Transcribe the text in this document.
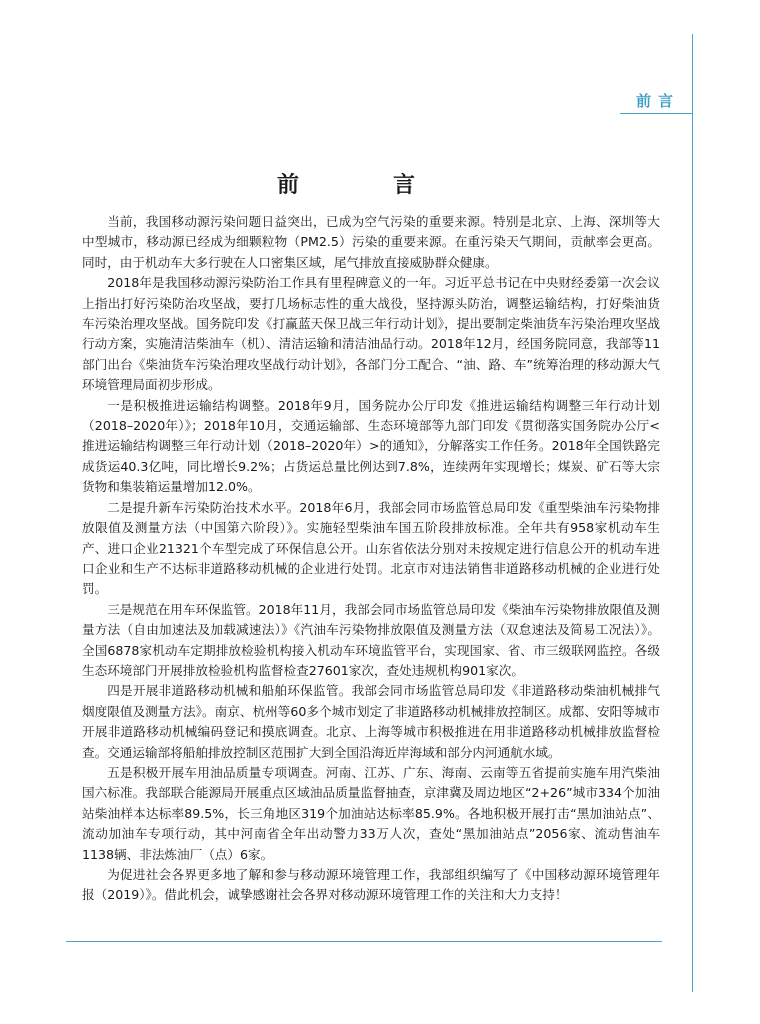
前言
前　言

当前，我国移动源污染问题日益突出，已成为空气污染的重要来源。特别是北京、上海、深圳等大中型城市，移动源已经成为细颗粒物（PM2.5）污染的重要来源。在重污染天气期间，贡献率会更高。同时，由于机动车大多行驶在人口密集区域，尾气排放直接威胁群众健康。

2018年是我国移动源污染防治工作具有里程碑意义的一年。习近平总书记在中央财经委第一次会议上指出打好污染防治攻坚战，要打几场标志性的重大战役，坚持源头防治，调整运输结构，打好柴油货车污染治理攻坚战。国务院印发《打赢蓝天保卫战三年行动计划》，提出要制定柴油货车污染治理攻坚战行动方案，实施清洁柴油车（机）、清洁运输和清洁油品行动。2018年12月，经国务院同意，我部等11部门出台《柴油货车污染治理攻坚战行动计划》，各部门分工配合、“油、路、车”统筹治理的移动源大气环境管理局面初步形成。

一是积极推进运输结构调整。2018年9月，国务院办公厅印发《推进运输结构调整三年行动计划（2018–2020年）》；2018年10月，交通运输部、生态环境部等九部门印发《贯彻落实国务院办公厅<推进运输结构调整三年行动计划（2018–2020年）>的通知》，分解落实工作任务。2018年全国铁路完成货运40.3亿吨，同比增长9.2%；占货运总量比例达到7.8%，连续两年实现增长；煤炭、矿石等大宗货物和集装箱运量增加12.0%。

二是提升新车污染防治技术水平。2018年6月，我部会同市场监管总局印发《重型柴油车污染物排放限值及测量方法（中国第六阶段）》。实施轻型柴油车国五阶段排放标准。全年共有958家机动车生产、进口企业21321个车型完成了环保信息公开。山东省依法分别对未按规定进行信息公开的机动车进口企业和生产不达标非道路移动机械的企业进行处罚。北京市对违法销售非道路移动机械的企业进行处罚。

三是规范在用车环保监管。2018年11月，我部会同市场监管总局印发《柴油车污染物排放限值及测量方法（自由加速法及加载减速法）》《汽油车污染物排放限值及测量方法（双怠速法及简易工况法）》。全国6878家机动车定期排放检验机构接入机动车环境监管平台，实现国家、省、市三级联网监控。各级生态环境部门开展排放检验机构监督检查27601家次，查处违规机构901家次。

四是开展非道路移动机械和船舶环保监管。我部会同市场监管总局印发《非道路移动柴油机械排气烟度限值及测量方法》。南京、杭州等60多个城市划定了非道路移动机械排放控制区。成都、安阳等城市开展非道路移动机械编码登记和摸底调查。北京、上海等城市积极推进在用非道路移动机械排放监督检查。交通运输部将船舶排放控制区范围扩大到全国沿海近岸海域和部分内河通航水域。

五是积极开展车用油品质量专项调查。河南、江苏、广东、海南、云南等五省提前实施车用汽柴油国六标准。我部联合能源局开展重点区域油品质量监督抽查，京津冀及周边地区“2+26”城市334个加油站柴油样本达标率89.5%，长三角地区319个加油站达标率85.9%。各地积极开展打击“黑加油站点”、流动加油车专项行动，其中河南省全年出动警力33万人次，查处“黑加油站点”2056家、流动售油车1138辆、非法炼油厂（点）6家。

为促进社会各界更多地了解和参与移动源环境管理工作，我部组织编写了《中国移动源环境管理年报（2019）》。借此机会，诚挚感谢社会各界对移动源环境管理工作的关注和大力支持！
